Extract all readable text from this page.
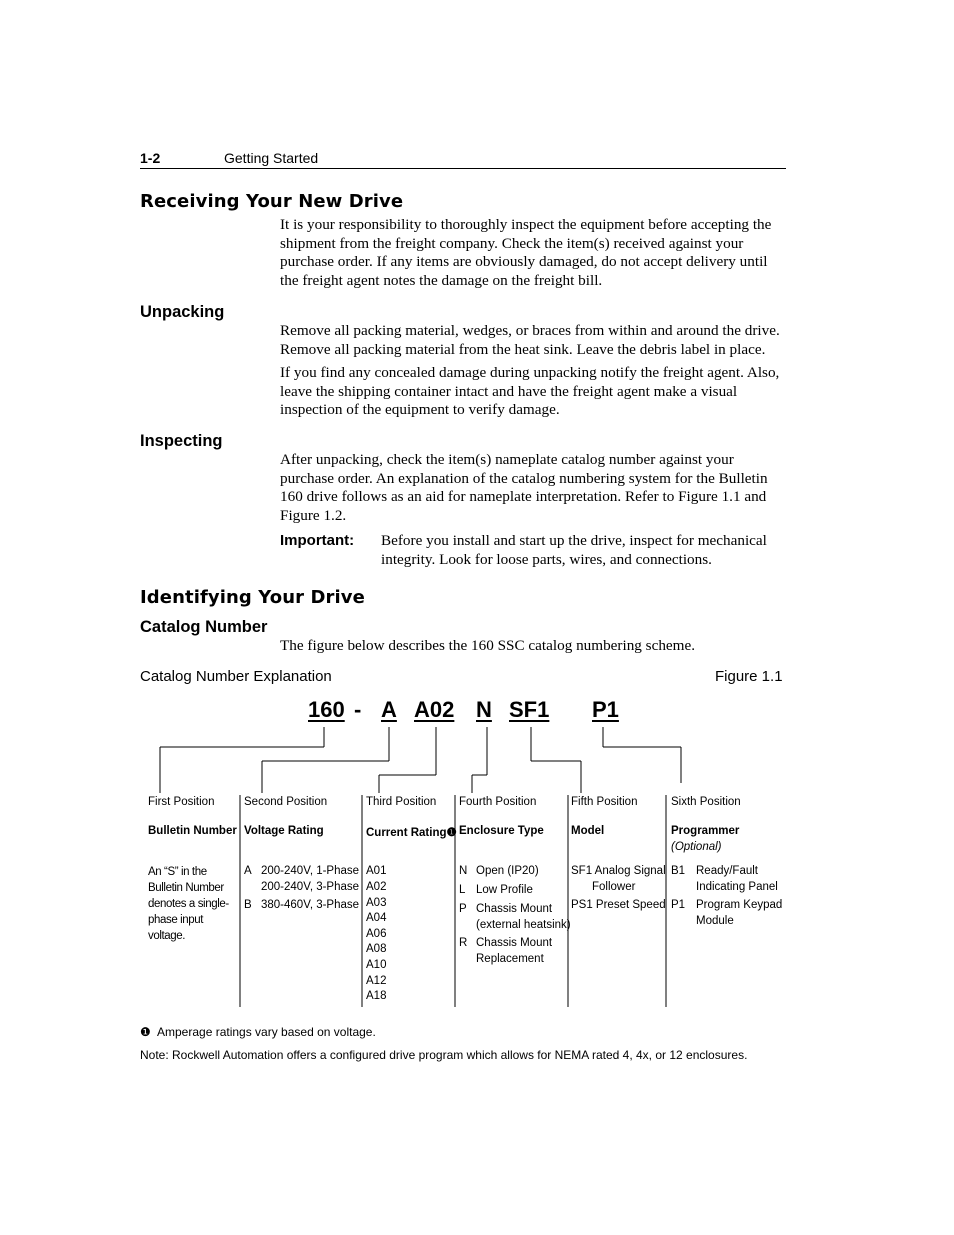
1-2	Getting Started
Receiving Your New Drive
It is your responsibility to thoroughly inspect the equipment before accepting the shipment from the freight company. Check the item(s) received against your purchase order. If any items are obviously damaged, do not accept delivery until the freight agent notes the damage on the freight bill.
Unpacking
Remove all packing material, wedges, or braces from within and around the drive. Remove all packing material from the heat sink. Leave the debris label in place.
If you find any concealed damage during unpacking notify the freight agent. Also, leave the shipping container intact and have the freight agent make a visual inspection of the equipment to verify damage.
Inspecting
After unpacking, check the item(s) nameplate catalog number against your purchase order. An explanation of the catalog numbering system for the Bulletin 160 drive follows as an aid for nameplate interpretation. Refer to Figure 1.1 and Figure 1.2.
Important: Before you install and start up the drive, inspect for mechanical integrity. Look for loose parts, wires, and connections.
Identifying Your Drive
Catalog Number
The figure below describes the 160 SSC catalog numbering scheme.
Catalog Number Explanation	Figure 1.1
160 - A A02 N SF1 P1
First Position
Bulletin Number
An “S” in the Bulletin Number denotes a single-phase input voltage.
Second Position
Voltage Rating
A 200-240V, 1-Phase
200-240V, 3-Phase
B 380-460V, 3-Phase
Third Position
Current Rating❶
A01
A02
A03
A04
A06
A08
A10
A12
A18
Fourth Position
Enclosure Type
N Open (IP20)
L Low Profile
P Chassis Mount
(external heatsink)
R Chassis Mount
Replacement
Fifth Position
Model
SF1 Analog Signal
Follower
PS1 Preset Speed
Sixth Position
Programmer
(Optional)
B1 Ready/Fault
Indicating Panel
P1 Program Keypad
Module
❶ Amperage ratings vary based on voltage.
Note: Rockwell Automation offers a configured drive program which allows for NEMA rated 4, 4x, or 12 enclosures.
